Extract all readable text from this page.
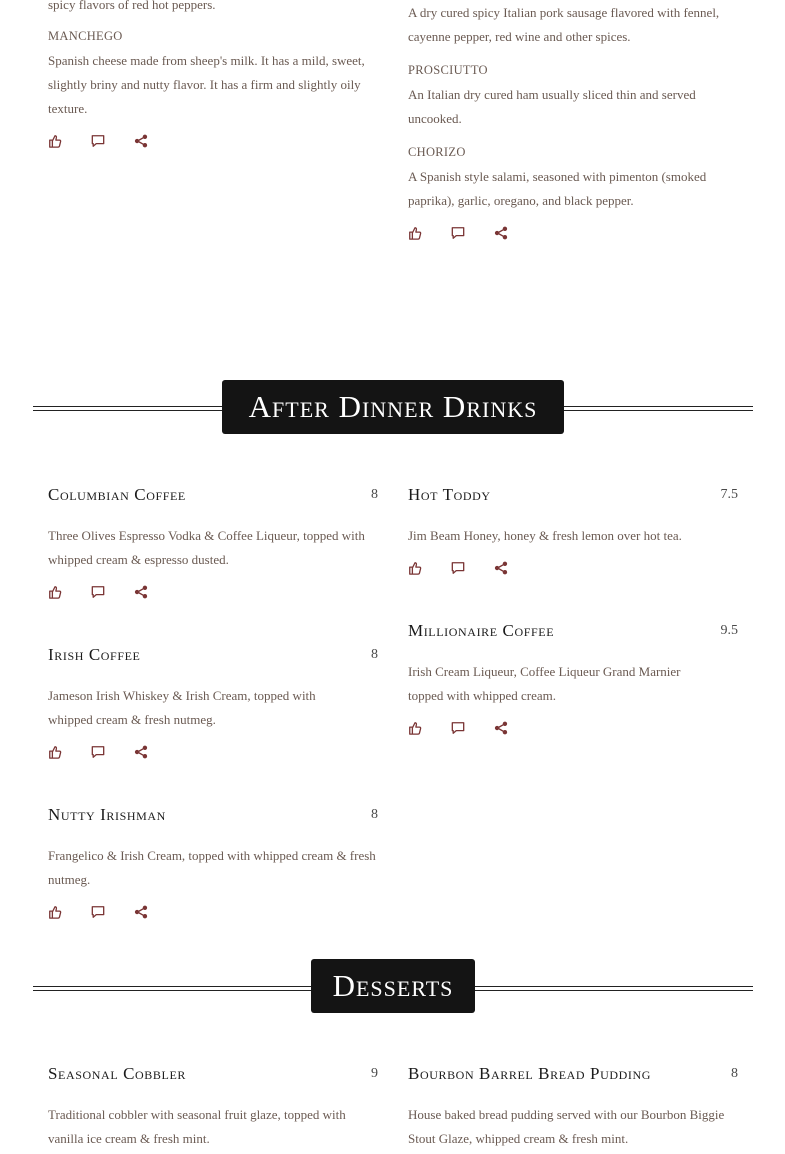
spicy flavors of red hot peppers.

MANCHEGO

Spanish cheese made from sheep's milk. It has a mild, sweet, slightly briny and nutty flavor. It has a firm and slightly oily texture.

A dry cured spicy Italian pork sausage flavored with fennel, cayenne pepper, red wine and other spices.

PROSCIUTTO

An Italian dry cured ham usually sliced thin and served uncooked.

CHORIZO

A Spanish style salami, seasoned with pimenton (smoked paprika), garlic, oregano, and black pepper.

After Dinner Drinks
Columbian Coffee	8

Three Olives Espresso Vodka & Coffee Liqueur, topped with whipped cream & espresso dusted.

Hot Toddy	7.5

Jim Beam Honey, honey & fresh lemon over hot tea.

Irish Coffee	8

Jameson Irish Whiskey & Irish Cream, topped with whipped cream & fresh nutmeg.

Millionaire Coffee	9.5

Irish Cream Liqueur, Coffee Liqueur Grand Marnier topped with whipped cream.

Nutty Irishman	8

Frangelico & Irish Cream, topped with whipped cream & fresh nutmeg.

Desserts
Seasonal Cobbler	9

Traditional cobbler with seasonal fruit glaze, topped with vanilla ice cream & fresh mint.

Bourbon Barrel Bread Pudding	8

House baked bread pudding served with our Bourbon Biggie Stout Glaze, whipped cream & fresh mint.
